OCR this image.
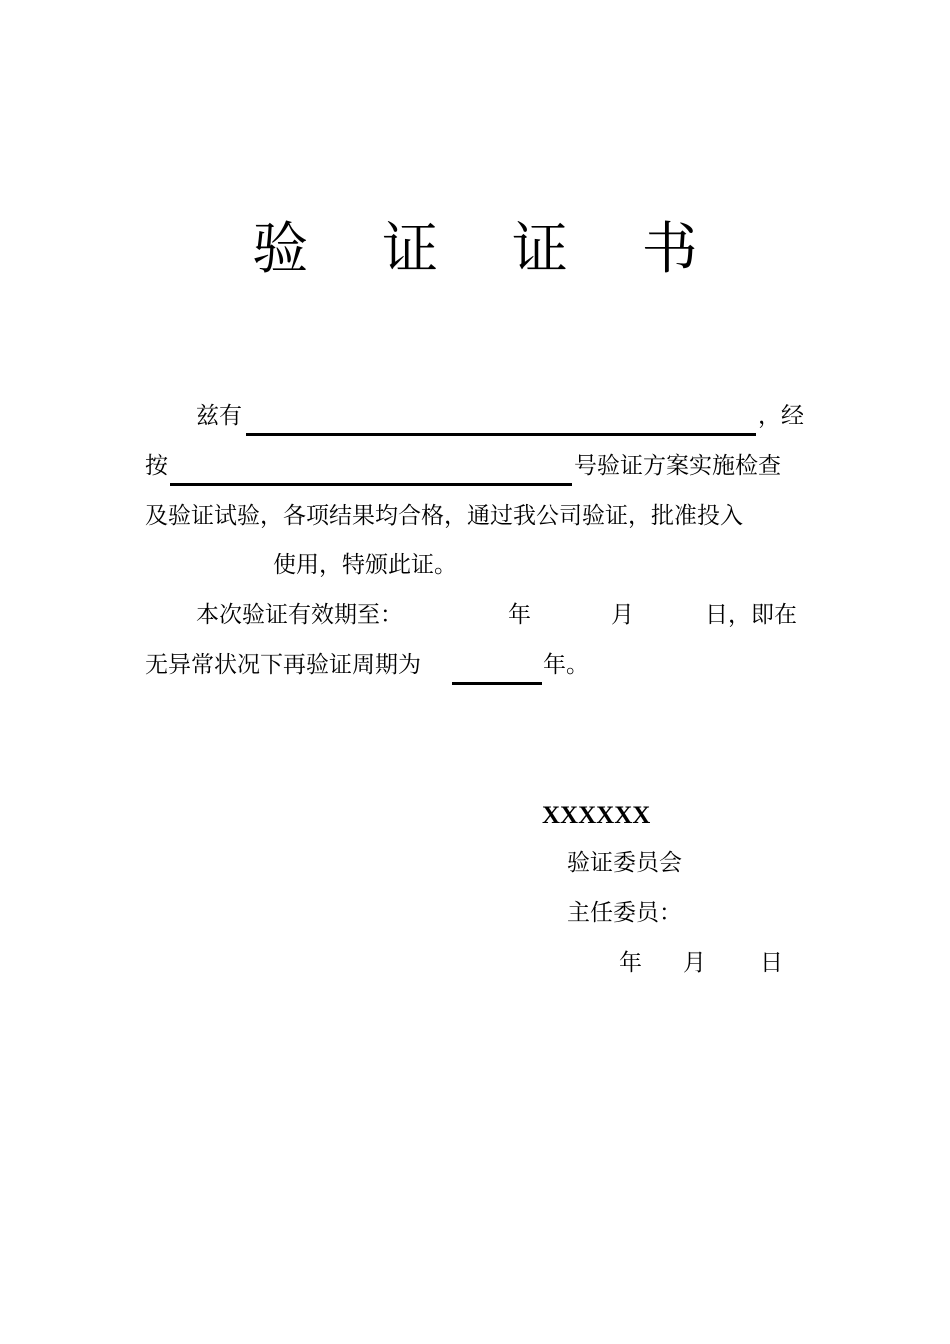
验 证 证 书
兹有	，经
按	号验证方案实施检查
及验证试验，各项结果均合格，通过我公司验证，批准投入
使用，特颁此证。
本次验证有效期至：	年	月	日，即在
无异常状况下再验证周期为	年。
XXXXXX
验证委员会
主任委员：
年 月 日
